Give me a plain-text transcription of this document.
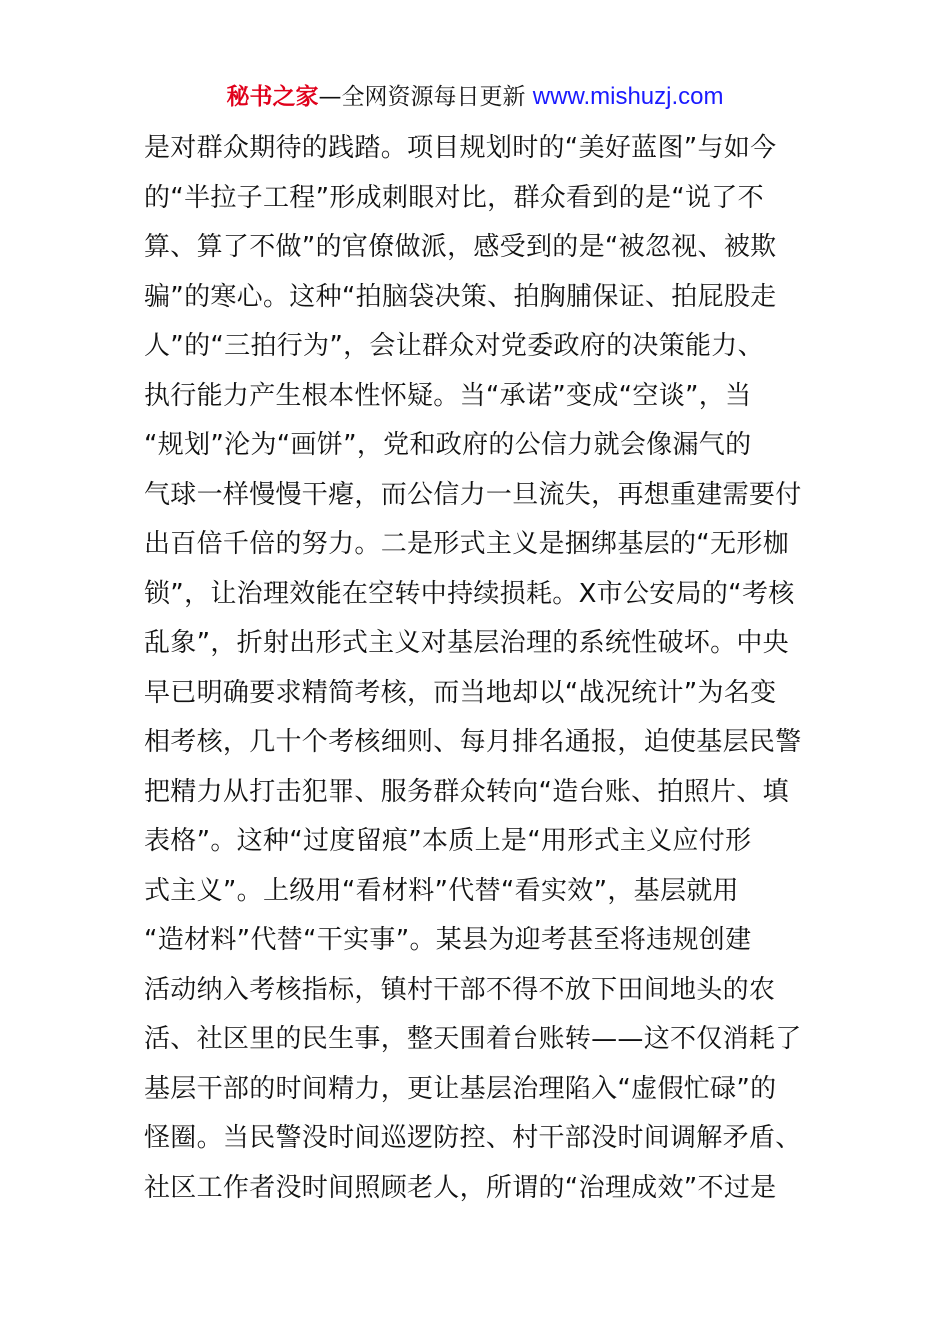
秘书之家—全网资源每日更新 www.mishuzj.com
是对群众期待的践踏。项目规划时的“美好蓝图”与如今
的“半拉子工程”形成刺眼对比，群众看到的是“说了不
算、算了不做”的官僚做派，感受到的是“被忽视、被欺
骗”的寒心。这种“拍脑袋决策、拍胸脯保证、拍屁股走
人”的“三拍行为”，会让群众对党委政府的决策能力、
执行能力产生根本性怀疑。当“承诺”变成“空谈”，当
“规划”沦为“画饼”，党和政府的公信力就会像漏气的
气球一样慢慢干瘪，而公信力一旦流失，再想重建需要付
出百倍千倍的努力。二是形式主义是捆绑基层的“无形枷
锁”，让治理效能在空转中持续损耗。X市公安局的“考核
乱象”，折射出形式主义对基层治理的系统性破坏。中央
早已明确要求精简考核，而当地却以“战况统计”为名变
相考核，几十个考核细则、每月排名通报，迫使基层民警
把精力从打击犯罪、服务群众转向“造台账、拍照片、填
表格”。这种“过度留痕”本质上是“用形式主义应付形
式主义”。上级用“看材料”代替“看实效”，基层就用
“造材料”代替“干实事”。某县为迎考甚至将违规创建
活动纳入考核指标，镇村干部不得不放下田间地头的农
活、社区里的民生事，整天围着台账转——这不仅消耗了
基层干部的时间精力，更让基层治理陷入“虚假忙碌”的
怪圈。当民警没时间巡逻防控、村干部没时间调解矛盾、
社区工作者没时间照顾老人，所谓的“治理成效”不过是
